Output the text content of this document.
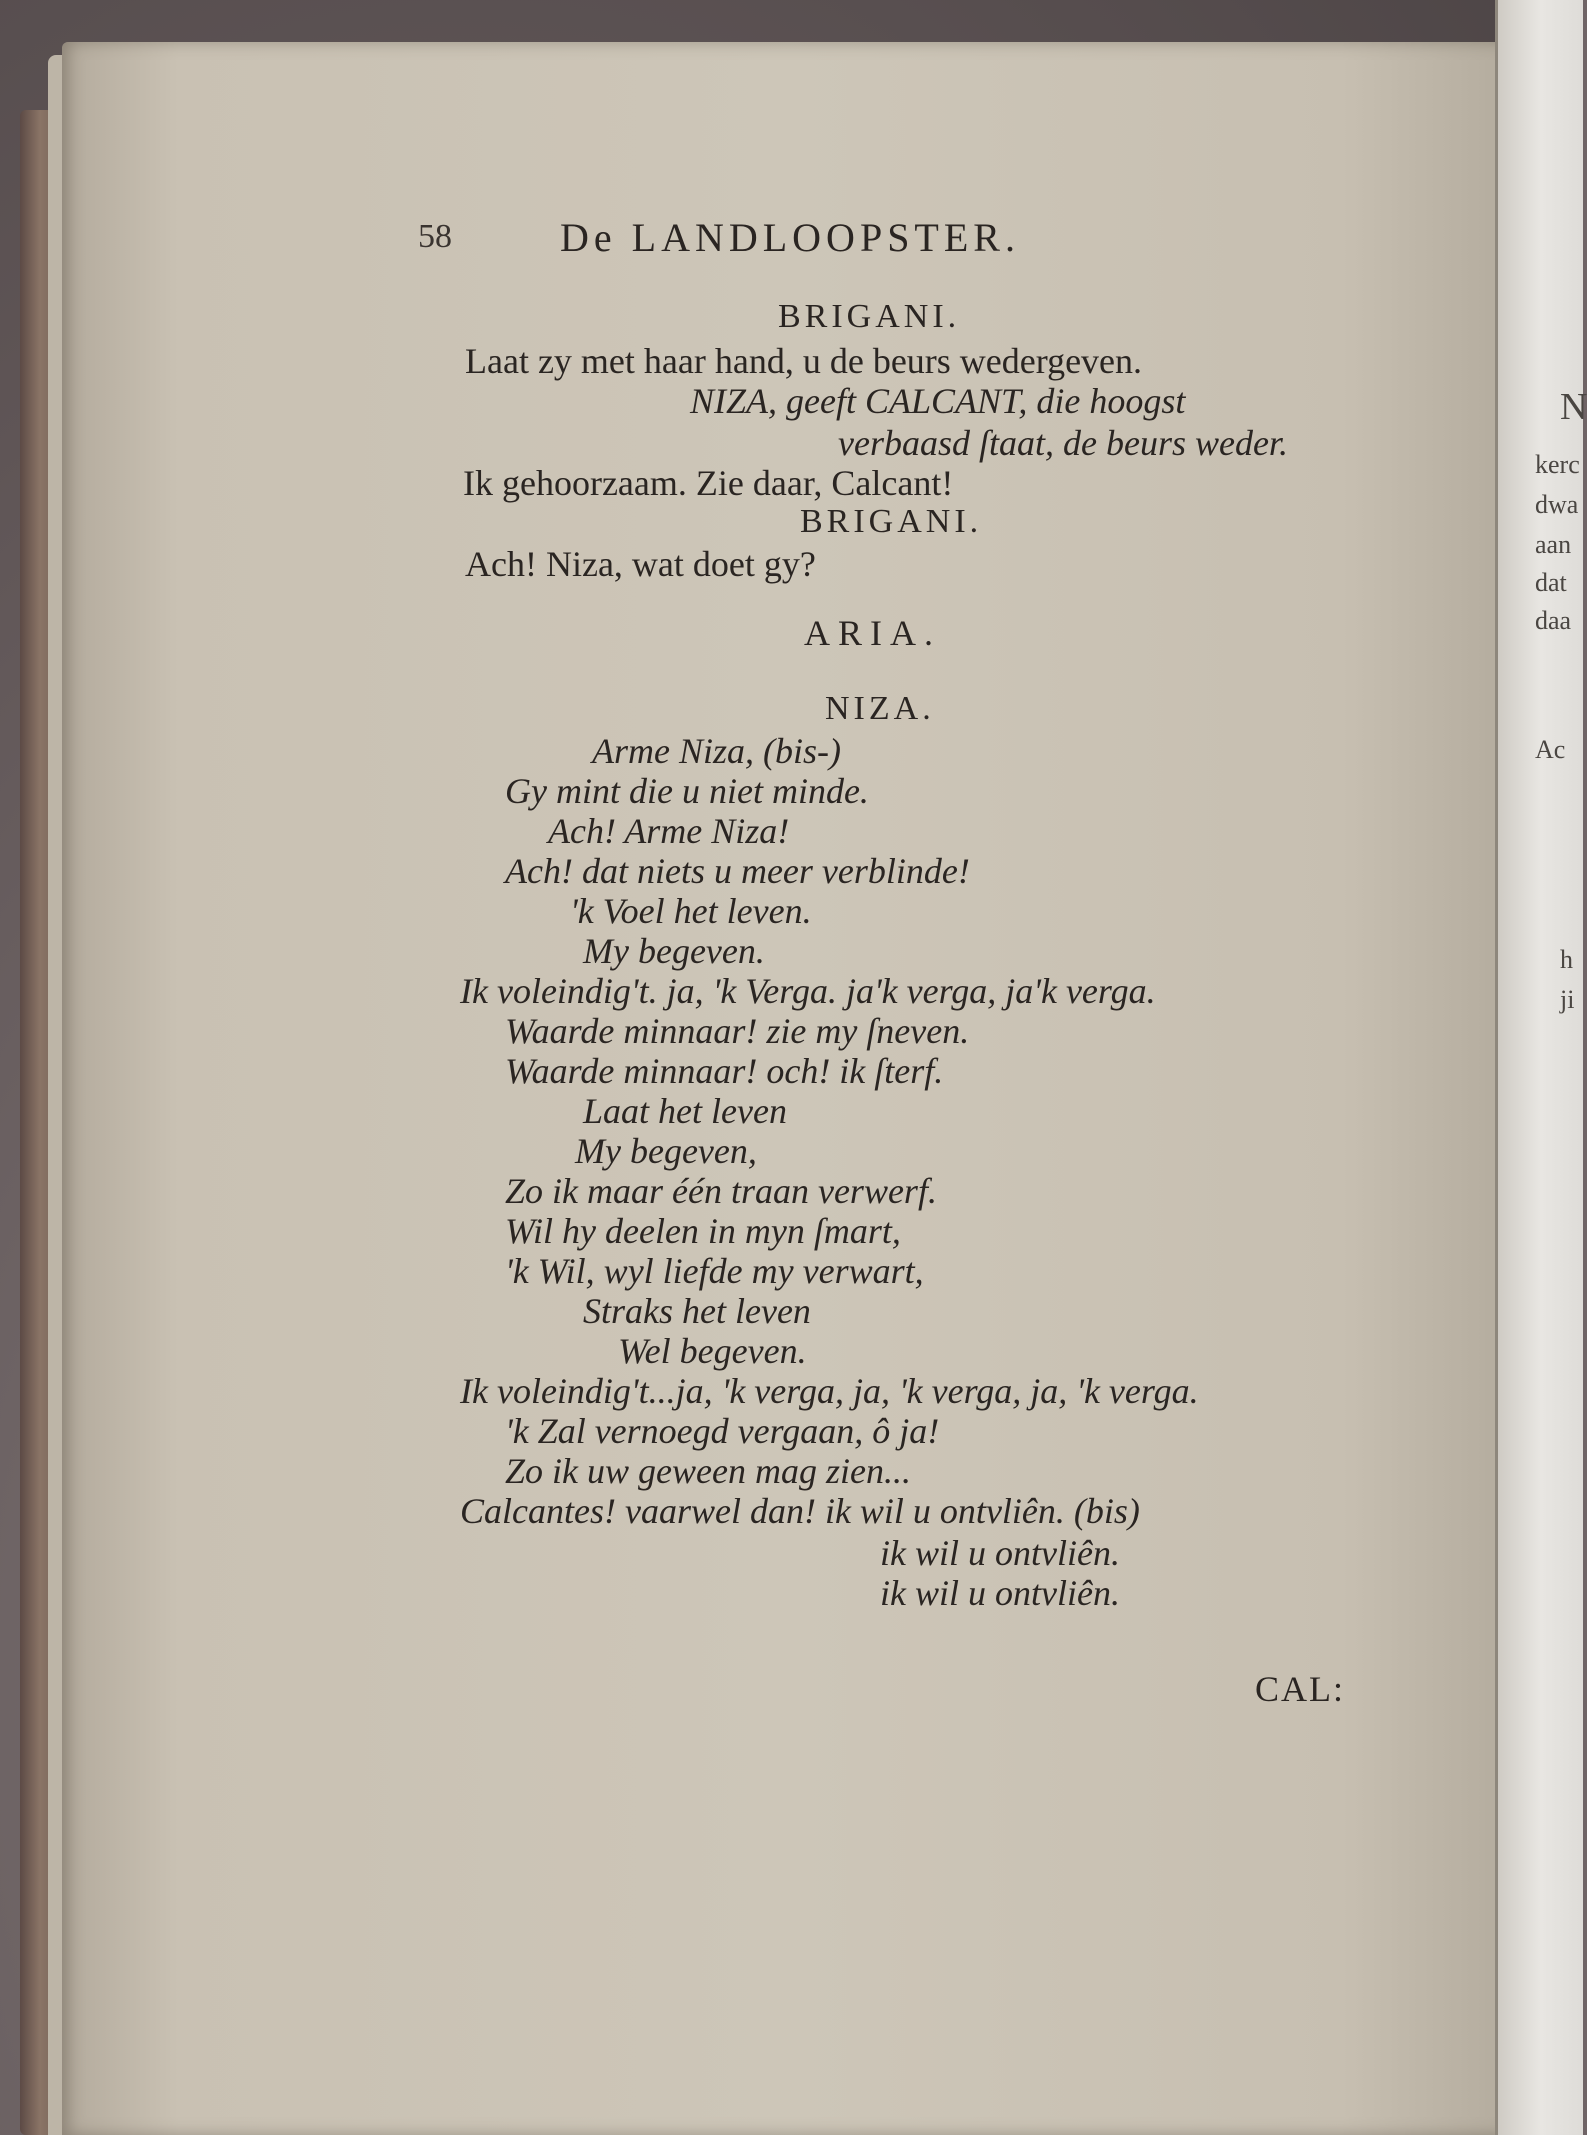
N
kerc
dwa
aan
dat
daa
Ac
h
ji
58	De LANDLOOPSTER.
BRIGANI.
Laat zy met haar hand, u de beurs wedergeven.
NIZA, geeft CALCANT, die hoogst
verbaasd ſtaat, de beurs weder.
Ik gehoorzaam. Zie daar, Calcant!
BRIGANI.
Ach! Niza, wat doet gy?
ARIA.
NIZA.
Arme Niza, (bis-)
Gy mint die u niet minde.
Ach! Arme Niza!
Ach! dat niets u meer verblinde!
'k Voel het leven.
My begeven.
Ik voleindig't. ja, 'k Verga. ja'k verga, ja'k verga.
Waarde minnaar! zie my ſneven.
Waarde minnaar! och! ik ſterf.
Laat het leven
My begeven,
Zo ik maar één traan verwerf.
Wil hy deelen in myn ſmart,
'k Wil, wyl liefde my verwart,
Straks het leven
Wel begeven.
Ik voleindig't...ja, 'k verga, ja, 'k verga, ja, 'k verga.
'k Zal vernoegd vergaan, ô ja!
Zo ik uw geween mag zien...
Calcantes! vaarwel dan! ik wil u ontvliên. (bis)
ik wil u ontvliên.
ik wil u ontvliên.
CAL:
